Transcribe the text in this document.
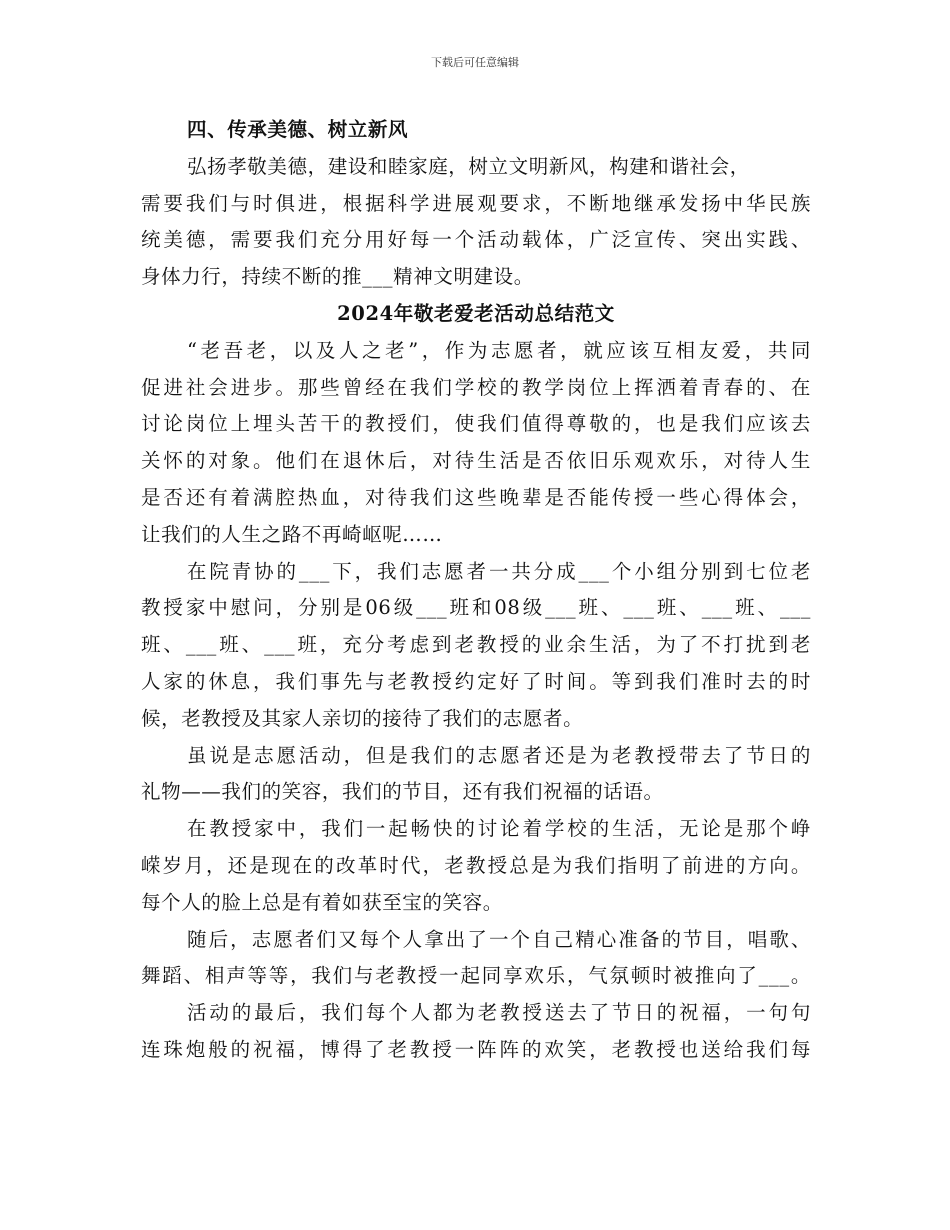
下载后可任意编辑
四、传承美德、树立新风
弘扬孝敬美德，建设和睦家庭，树立文明新风，构建和谐社会，
需要我们与时俱进，根据科学进展观要求，不断地继承发扬中华民族
统美德，需要我们充分用好每一个活动载体，广泛宣传、突出实践、
身体力行，持续不断的推___精神文明建设。
2024年敬老爱老活动总结范文
“老吾老，以及人之老”，作为志愿者，就应该互相友爱，共同
促进社会进步。那些曾经在我们学校的教学岗位上挥洒着青春的、在
讨论岗位上埋头苦干的教授们，使我们值得尊敬的，也是我们应该去
关怀的对象。他们在退休后，对待生活是否依旧乐观欢乐，对待人生
是否还有着满腔热血，对待我们这些晚辈是否能传授一些心得体会，
让我们的人生之路不再崎岖呢……
在院青协的___下，我们志愿者一共分成___个小组分别到七位老
教授家中慰问，分别是06级___班和08级___班、___班、___班、___
班、___班、___班，充分考虑到老教授的业余生活，为了不打扰到老
人家的休息，我们事先与老教授约定好了时间。等到我们准时去的时
候，老教授及其家人亲切的接待了我们的志愿者。
虽说是志愿活动，但是我们的志愿者还是为老教授带去了节日的
礼物——我们的笑容，我们的节目，还有我们祝福的话语。
在教授家中，我们一起畅快的讨论着学校的生活，无论是那个峥
嵘岁月，还是现在的改革时代，老教授总是为我们指明了前进的方向。
每个人的脸上总是有着如获至宝的笑容。
随后，志愿者们又每个人拿出了一个自己精心准备的节目，唱歌、
舞蹈、相声等等，我们与老教授一起同享欢乐，气氛顿时被推向了___。
活动的最后，我们每个人都为老教授送去了节日的祝福，一句句
连珠炮般的祝福，博得了老教授一阵阵的欢笑，老教授也送给我们每
